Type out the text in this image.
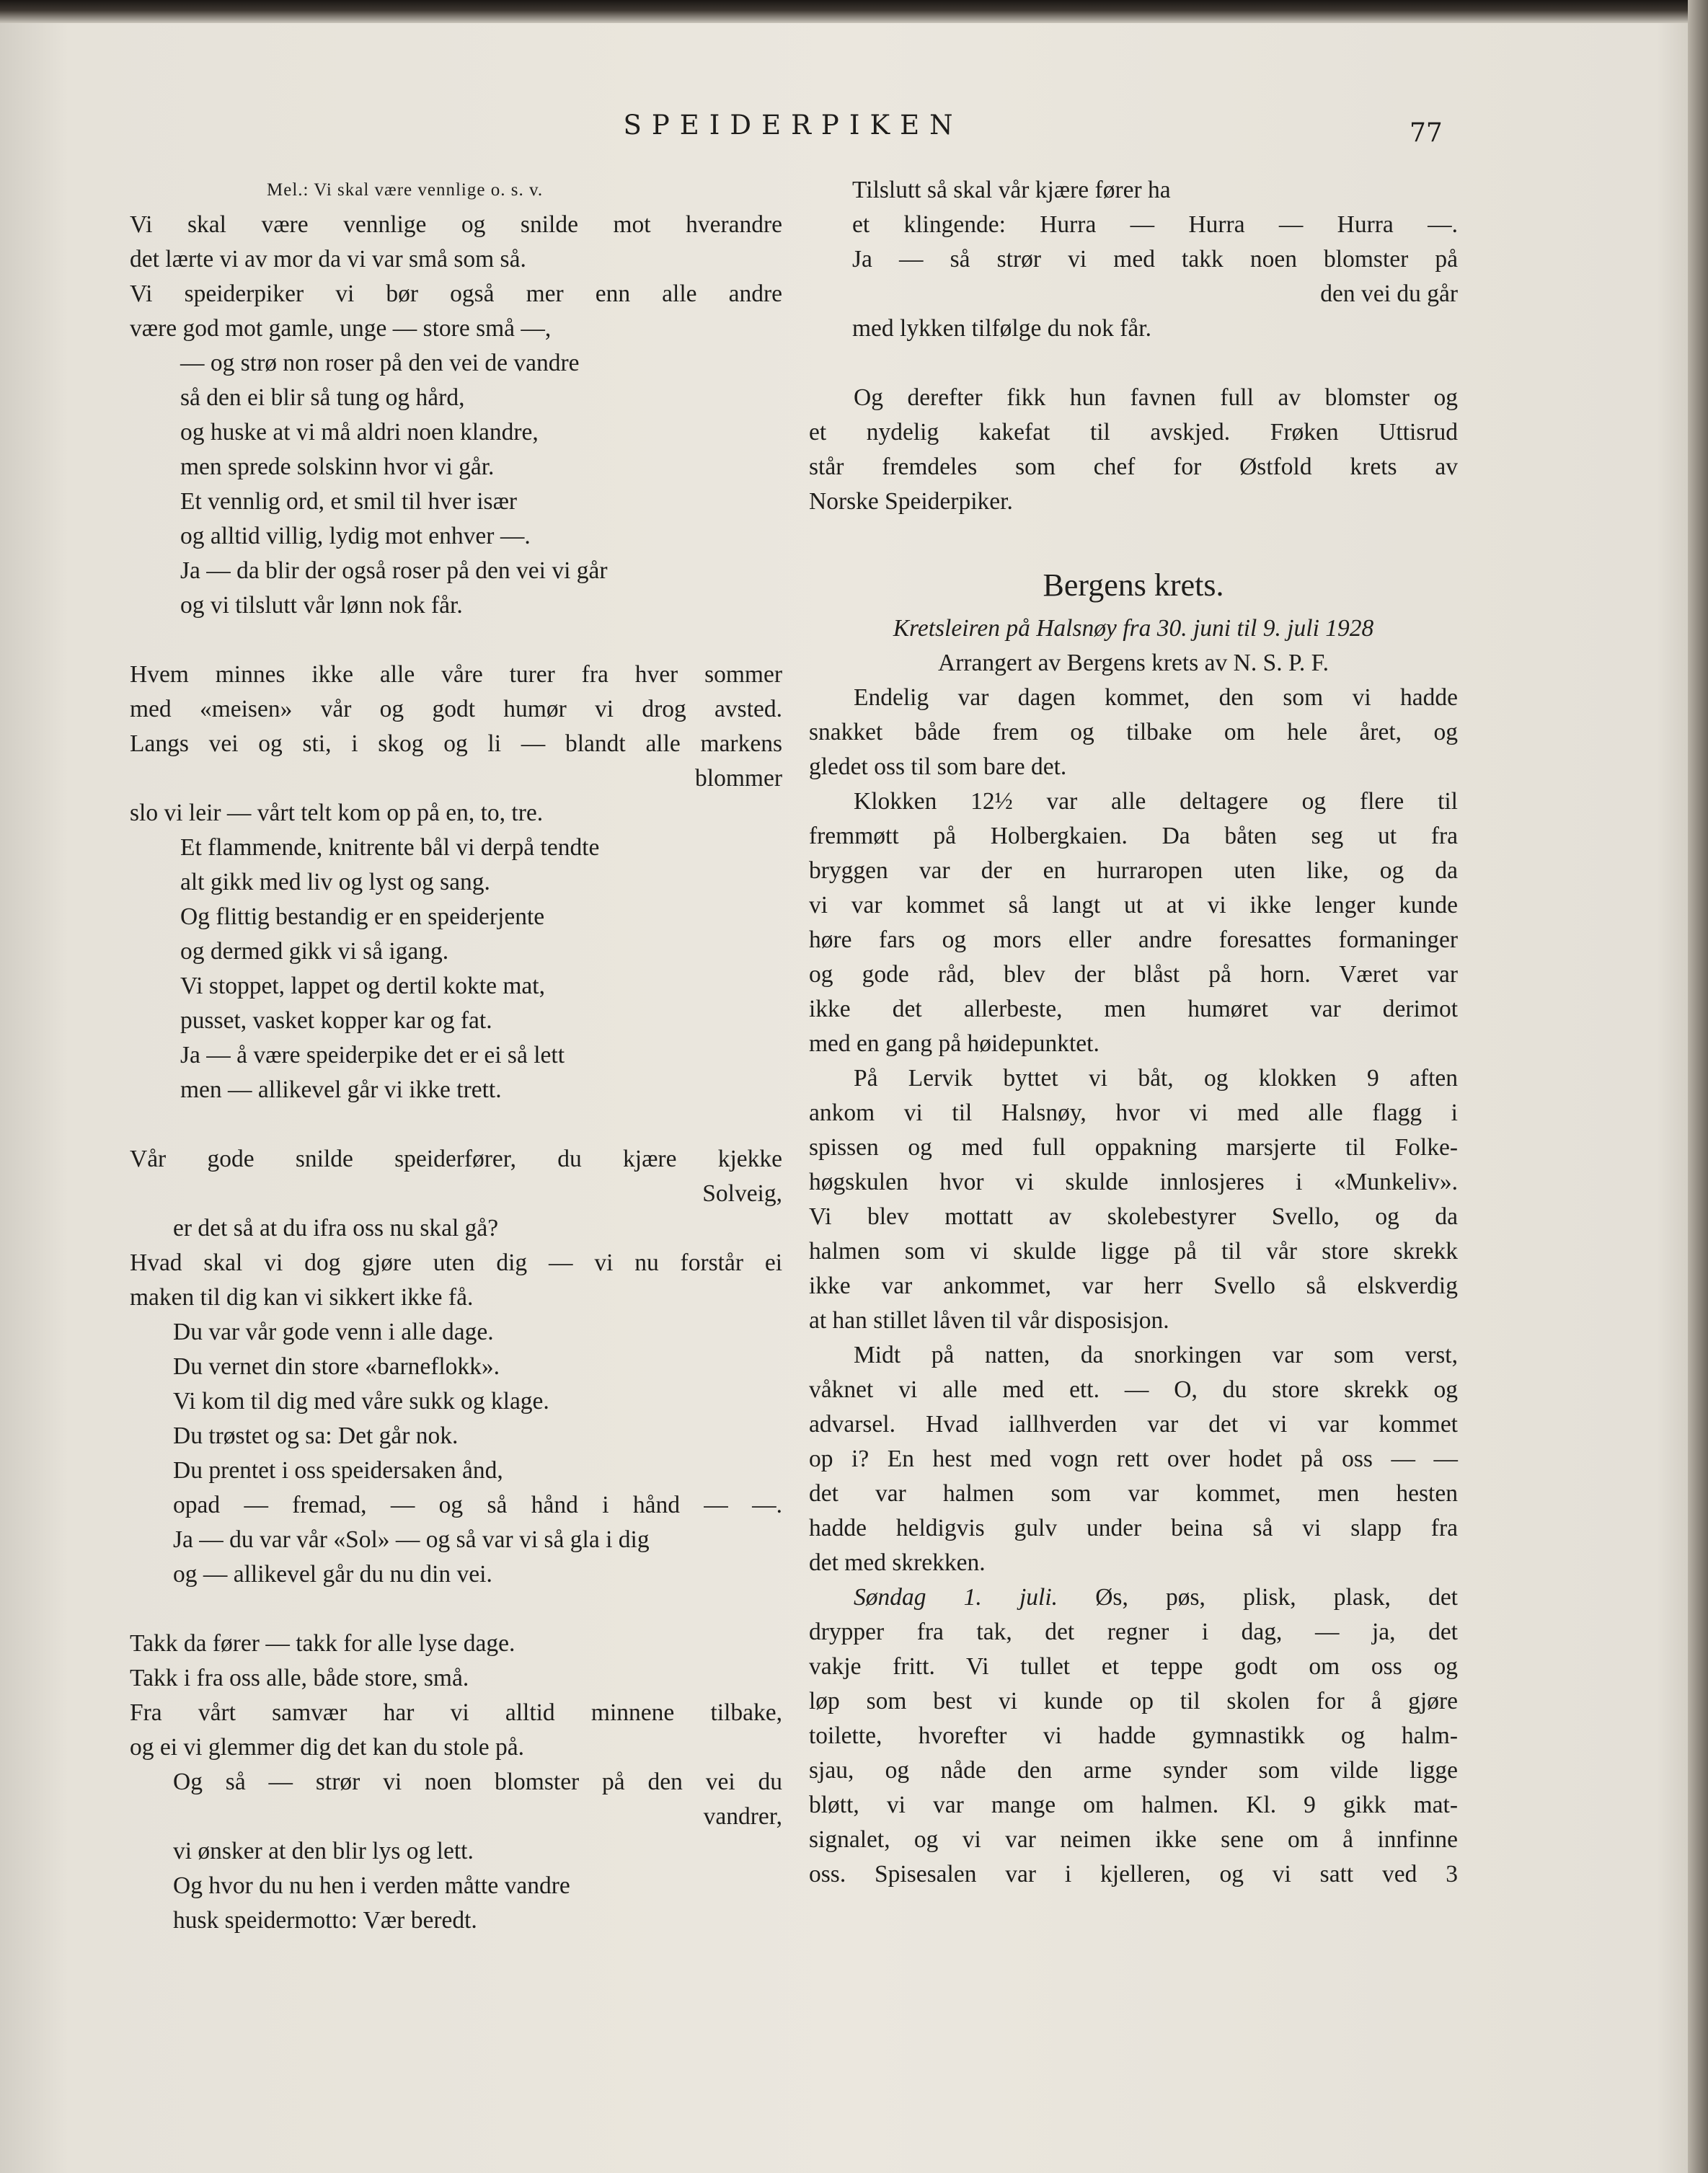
SPEIDERPIKEN	77
Mel.: Vi skal være vennlige o. s. v.
Vi skal være vennlige og snilde mot hverandre
det lærte vi av mor da vi var små som så.
Vi speiderpiker vi bør også mer enn alle andre
være god mot gamle, unge — store små —,
— og strø non roser på den vei de vandre
så den ei blir så tung og hård,
og huske at vi må aldri noen klandre,
men sprede solskinn hvor vi går.
Et vennlig ord, et smil til hver især
og alltid villig, lydig mot enhver —.
Ja — da blir der også roser på den vei vi går
og vi tilslutt vår lønn nok får.
Hvem minnes ikke alle våre turer fra hver sommer
med «meisen» vår og godt humør vi drog avsted.
Langs vei og sti, i skog og li — blandt alle markens
blommer
slo vi leir — vårt telt kom op på en, to, tre.
Et flammende, knitrente bål vi derpå tendte
alt gikk med liv og lyst og sang.
Og flittig bestandig er en speiderjente
og dermed gikk vi så igang.
Vi stoppet, lappet og dertil kokte mat,
pusset, vasket kopper kar og fat.
Ja — å være speiderpike det er ei så lett
men — allikevel går vi ikke trett.
Vår gode snilde speiderfører, du kjære kjekke
Solveig,
er det så at du ifra oss nu skal gå?
Hvad skal vi dog gjøre uten dig — vi nu forstår ei
maken til dig kan vi sikkert ikke få.
Du var vår gode venn i alle dage.
Du vernet din store «barneflokk».
Vi kom til dig med våre sukk og klage.
Du trøstet og sa: Det går nok.
Du prentet i oss speidersaken ånd,
opad — fremad, — og så hånd i hånd — —.
Ja — du var vår «Sol» — og så var vi så gla i dig
og — allikevel går du nu din vei.
Takk da fører — takk for alle lyse dage.
Takk i fra oss alle, både store, små.
Fra vårt samvær har vi alltid minnene tilbake,
og ei vi glemmer dig det kan du stole på.
Og så — strør vi noen blomster på den vei du
vandrer,
vi ønsker at den blir lys og lett.
Og hvor du nu hen i verden måtte vandre
husk speidermotto: Vær beredt.
Tilslutt så skal vår kjære fører ha
et klingende: Hurra — Hurra — Hurra —.
Ja — så strør vi med takk noen blomster på
den vei du går
med lykken tilfølge du nok får.
Og derefter fikk hun favnen full av blomster og
et nydelig kakefat til avskjed. Frøken Uttisrud
står fremdeles som chef for Østfold krets av
Norske Speiderpiker.
Bergens krets.
Kretsleiren på Halsnøy fra 30. juni til 9. juli 1928
Arrangert av Bergens krets av N. S. P. F.
Endelig var dagen kommet, den som vi hadde
snakket både frem og tilbake om hele året, og
gledet oss til som bare det.
Klokken 12½ var alle deltagere og flere til
fremmøtt på Holbergkaien. Da båten seg ut fra
bryggen var der en hurraropen uten like, og da
vi var kommet så langt ut at vi ikke lenger kunde
høre fars og mors eller andre foresattes formaninger
og gode råd, blev der blåst på horn. Været var
ikke det allerbeste, men humøret var derimot
med en gang på høidepunktet.
På Lervik byttet vi båt, og klokken 9 aften
ankom vi til Halsnøy, hvor vi med alle flagg i
spissen og med full oppakning marsjerte til Folke-
høgskulen hvor vi skulde innlosjeres i «Munkeliv».
Vi blev mottatt av skolebestyrer Svello, og da
halmen som vi skulde ligge på til vår store skrekk
ikke var ankommet, var herr Svello så elskverdig
at han stillet låven til vår disposisjon.
Midt på natten, da snorkingen var som verst,
våknet vi alle med ett. — O, du store skrekk og
advarsel. Hvad iallhverden var det vi var kommet
op i? En hest med vogn rett over hodet på oss — —
det var halmen som var kommet, men hesten
hadde heldigvis gulv under beina så vi slapp fra
det med skrekken.
Søndag 1. juli. Øs, pøs, plisk, plask, det
drypper fra tak, det regner i dag, — ja, det
vakje fritt. Vi tullet et teppe godt om oss og
løp som best vi kunde op til skolen for å gjøre
toilette, hvorefter vi hadde gymnastikk og halm-
sjau, og nåde den arme synder som vilde ligge
bløtt, vi var mange om halmen. Kl. 9 gikk mat-
signalet, og vi var neimen ikke sene om å innfinne
oss. Spisesalen var i kjelleren, og vi satt ved 3
